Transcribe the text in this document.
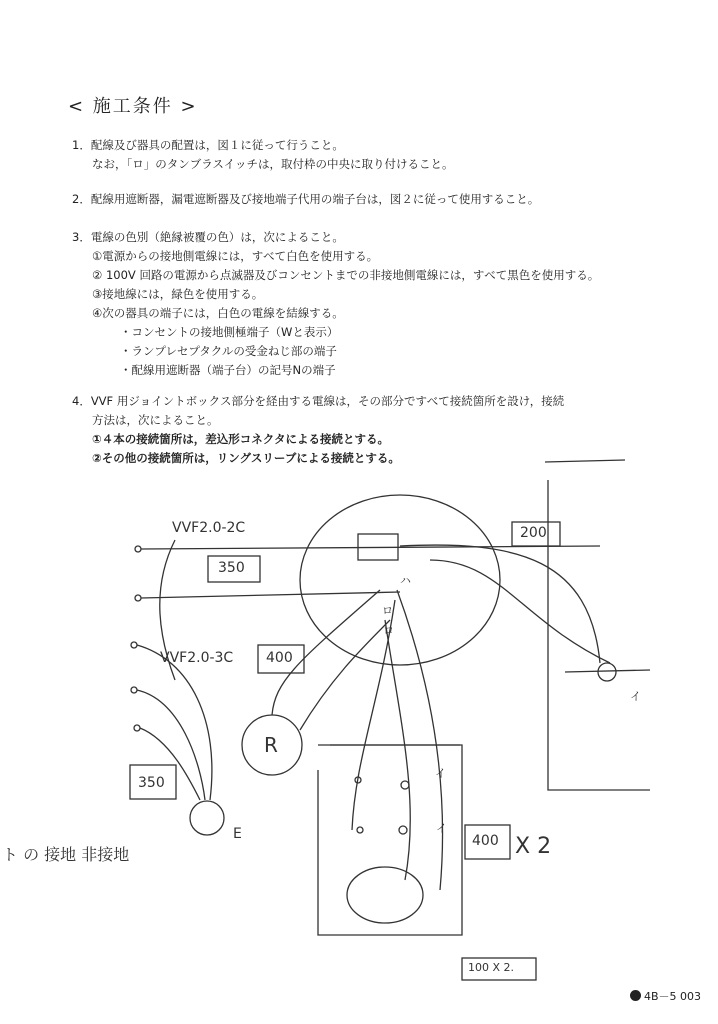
< 施工条件 >

1．配線及び器具の配置は，図１に従って行うこと。

なお，「ロ」のタンブラスイッチは，取付枠の中央に取り付けること。

2．配線用遮断器，漏電遮断器及び接地端子代用の端子台は，図２に従って使用すること。

3．電線の色別（絶縁被覆の色）は，次によること。

①電源からの接地側電線には，すべて白色を使用する。

② 100V 回路の電源から点滅器及びコンセントまでの非接地側電線には，すべて黒色を使用する。

③接地線には，緑色を使用する。

④次の器具の端子には，白色の電線を結線する。

・コンセントの接地側極端子（Wと表示）

・ランプレセプタクルの受金ねじ部の端子

・配線用遮断器（端子台）の記号Nの端子

4．VVF 用ジョイントボックス部分を経由する電線は，その部分ですべて接続箇所を設け，接続

方法は，次によること。

①４本の接続箇所は，差込形コネクタによる接続とする。

②その他の接続箇所は，リングスリーブによる接続とする。

VVF2.0-2C
VVF2.0-3C
350
350
400
400
200
X 2
100 X 2.
R
E
イ
イ
ロ
ロ
ハ
イ
ト の 接地 非接地
4B－5 003
